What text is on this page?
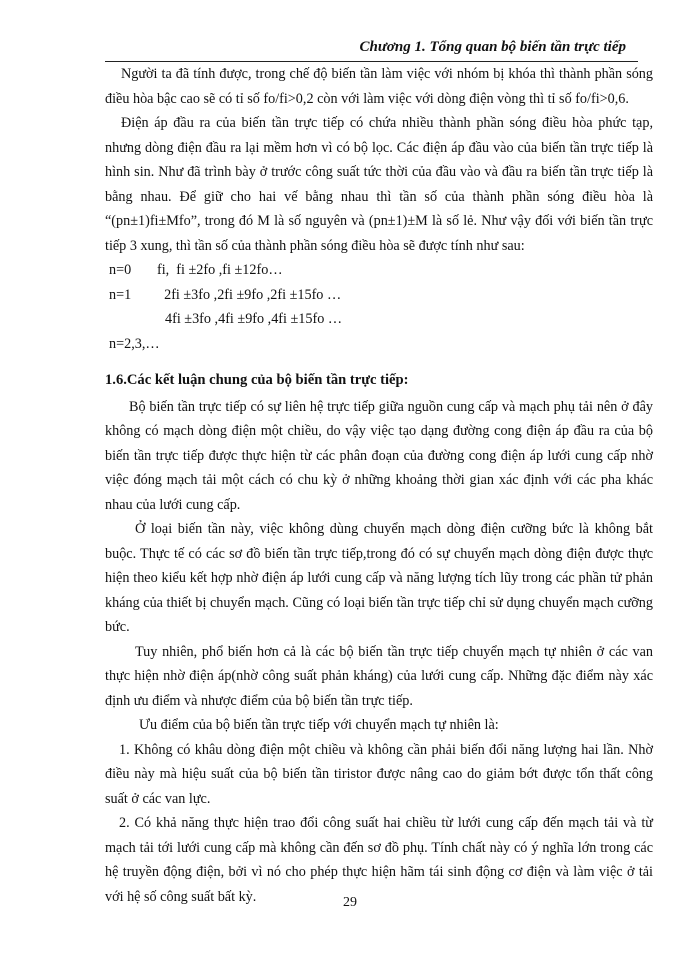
Chương 1. Tổng quan bộ biến tần trực tiếp

Người ta đã tính được, trong chế độ biến tần làm việc với nhóm bị khóa thì thành phần sóng điều hòa bậc cao sẽ có tỉ số fo/fi>0,2 còn với làm việc với dòng điện vòng thì tỉ số fo/fi>0,6.

Điện áp đầu ra của biến tần trực tiếp có chứa nhiều thành phần sóng điều hòa phức tạp, nhưng dòng điện đầu ra lại mềm hơn vì có bộ lọc. Các điện áp đầu vào của biến tần trực tiếp là hình sin. Như đã trình bày ở trước công suất tức thời của đầu vào và đầu ra biến tần trực tiếp là bằng nhau. Để giữ cho hai vế bằng nhau thì tần số của thành phần sóng điều hòa là “(pn±1)fi±Mfo”, trong đó M là số nguyên và (pn±1)±M là số lẻ. Như vậy đối với biến tần trực tiếp 3 xung, thì tần số của thành phần sóng điều hòa sẽ được tính như sau:

n=0 fi,  fi ±2fo ,fi ±12fo…

n=1  2fi ±3fo ,2fi ±9fo ,2fi ±15fo …

4fi ±3fo ,4fi ±9fo ,4fi ±15fo …

n=2,3,…

1.6.Các kết luận chung của bộ biến tần trực tiếp:

Bộ biến tần trực tiếp có sự liên hệ trực tiếp giữa nguồn cung cấp và mạch phụ tải nên ở đây không có mạch dòng điện một chiều, do vậy việc tạo dạng đường cong điện áp đầu ra của bộ biến tần trực tiếp được thực hiện từ các phân đoạn của đường cong điện áp lưới cung cấp nhờ việc đóng mạch tải một cách có chu kỳ ở những khoảng thời gian xác định với các pha khác nhau của lưới cung cấp.

Ở loại biến tần này, việc không dùng chuyển mạch dòng điện cưỡng bức là không bắt buộc. Thực tế có các sơ đồ biến tần trực tiếp,trong đó có sự chuyển mạch dòng điện được thực hiện theo kiểu kết hợp nhờ điện áp lưới cung cấp và năng lượng tích lũy trong các phần tử phản kháng của thiết bị chuyển mạch. Cũng có loại biến tần trực tiếp chỉ sử dụng chuyển mạch cưỡng bức.

Tuy nhiên, phổ biến hơn cả là các bộ biến tần trực tiếp chuyển mạch tự nhiên ở các van thực hiện nhờ điện áp(nhờ công suất phản kháng) của lưới cung cấp. Những đặc điểm này xác định ưu điểm và nhược điểm của bộ biến tần trực tiếp.

Ưu điểm của bộ biến tần trực tiếp với chuyển mạch tự nhiên là:

1. Không có khâu dòng điện một chiều và không cần phải biến đổi năng lượng hai lần. Nhờ điều này mà hiệu suất của bộ biến tần tiristor được nâng cao do giảm bớt được tổn thất công suất ở các van lực.

2. Có khả năng thực hiện trao đổi công suất hai chiều từ lưới cung cấp đến mạch tải và từ mạch tải tới lưới cung cấp mà không cần đến sơ đồ phụ. Tính chất này có ý nghĩa lớn trong các hệ truyền động điện, bởi vì nó cho phép thực hiện hãm tái sinh động cơ điện và làm việc ở tải với hệ số công suất bất kỳ.	29
